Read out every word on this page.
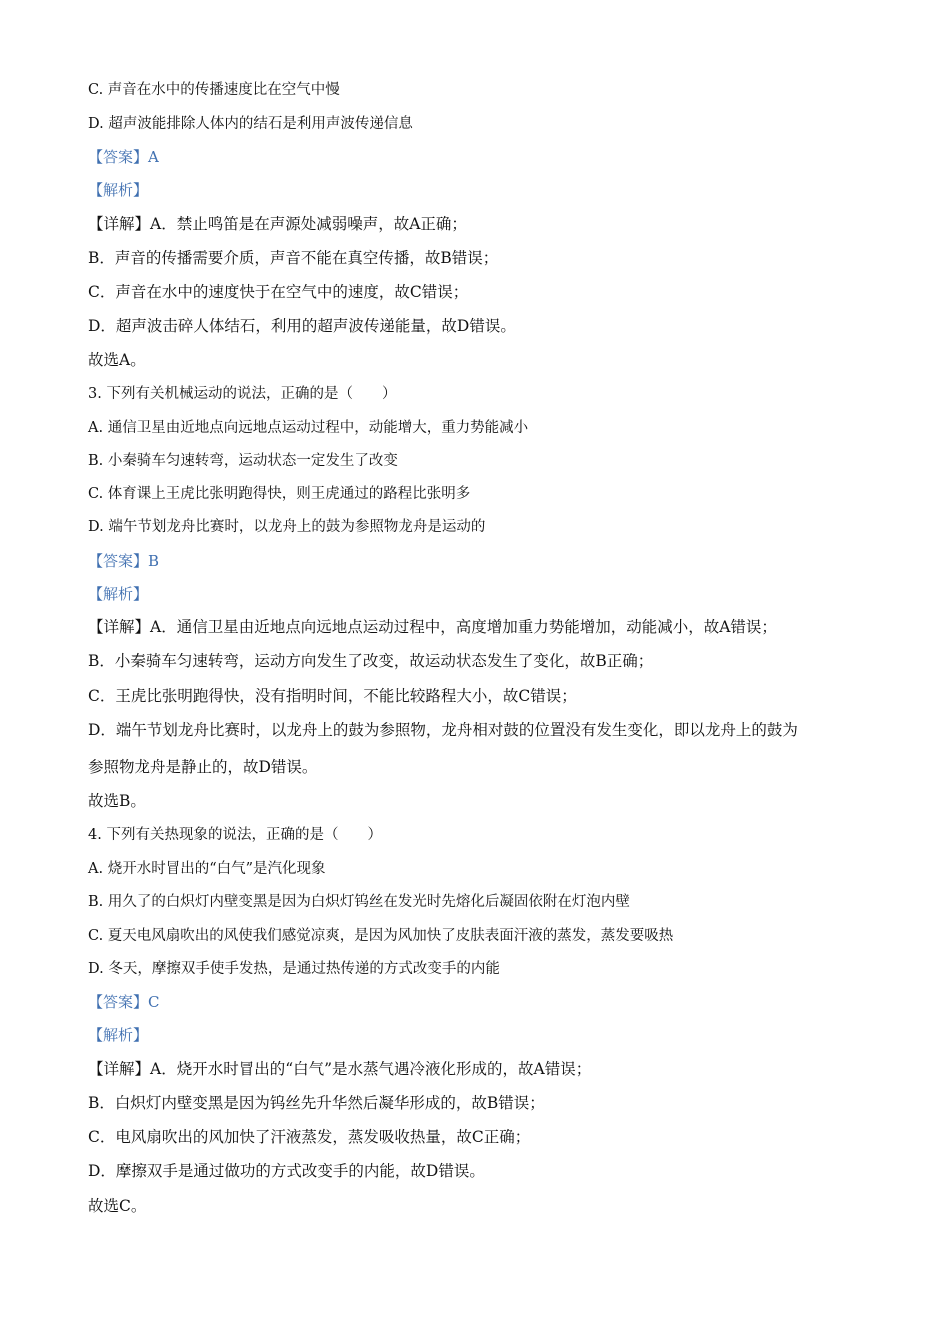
C. 声音在水中的传播速度比在空气中慢
D. 超声波能排除人体内的结石是利用声波传递信息
【答案】A
【解析】
【详解】A．禁止鸣笛是在声源处减弱噪声，故A正确；
B．声音的传播需要介质，声音不能在真空传播，故B错误；
C．声音在水中的速度快于在空气中的速度，故C错误；
D．超声波击碎人体结石，利用的超声波传递能量，故D错误。
故选A。
3. 下列有关机械运动的说法，正确的是（　　）
A. 通信卫星由近地点向远地点运动过程中，动能增大，重力势能减小
B. 小秦骑车匀速转弯，运动状态一定发生了改变
C. 体育课上王虎比张明跑得快，则王虎通过的路程比张明多
D. 端午节划龙舟比赛时，以龙舟上的鼓为参照物龙舟是运动的
【答案】B
【解析】
【详解】A．通信卫星由近地点向远地点运动过程中，高度增加重力势能增加，动能减小，故A错误；
B．小秦骑车匀速转弯，运动方向发生了改变，故运动状态发生了变化，故B正确；
C．王虎比张明跑得快，没有指明时间，不能比较路程大小，故C错误；
D．端午节划龙舟比赛时，以龙舟上的鼓为参照物，龙舟相对鼓的位置没有发生变化，即以龙舟上的鼓为
参照物龙舟是静止的，故D错误。
故选B。
4. 下列有关热现象的说法，正确的是（　　）
A. 烧开水时冒出的“白气”是汽化现象
B. 用久了的白炽灯内壁变黑是因为白炽灯钨丝在发光时先熔化后凝固依附在灯泡内壁
C. 夏天电风扇吹出的风使我们感觉凉爽，是因为风加快了皮肤表面汗液的蒸发，蒸发要吸热
D. 冬天，摩擦双手使手发热，是通过热传递的方式改变手的内能
【答案】C
【解析】
【详解】A．烧开水时冒出的“白气”是水蒸气遇冷液化形成的，故A错误；
B．白炽灯内壁变黑是因为钨丝先升华然后凝华形成的，故B错误；
C．电风扇吹出的风加快了汗液蒸发，蒸发吸收热量，故C正确；
D．摩擦双手是通过做功的方式改变手的内能，故D错误。
故选C。
